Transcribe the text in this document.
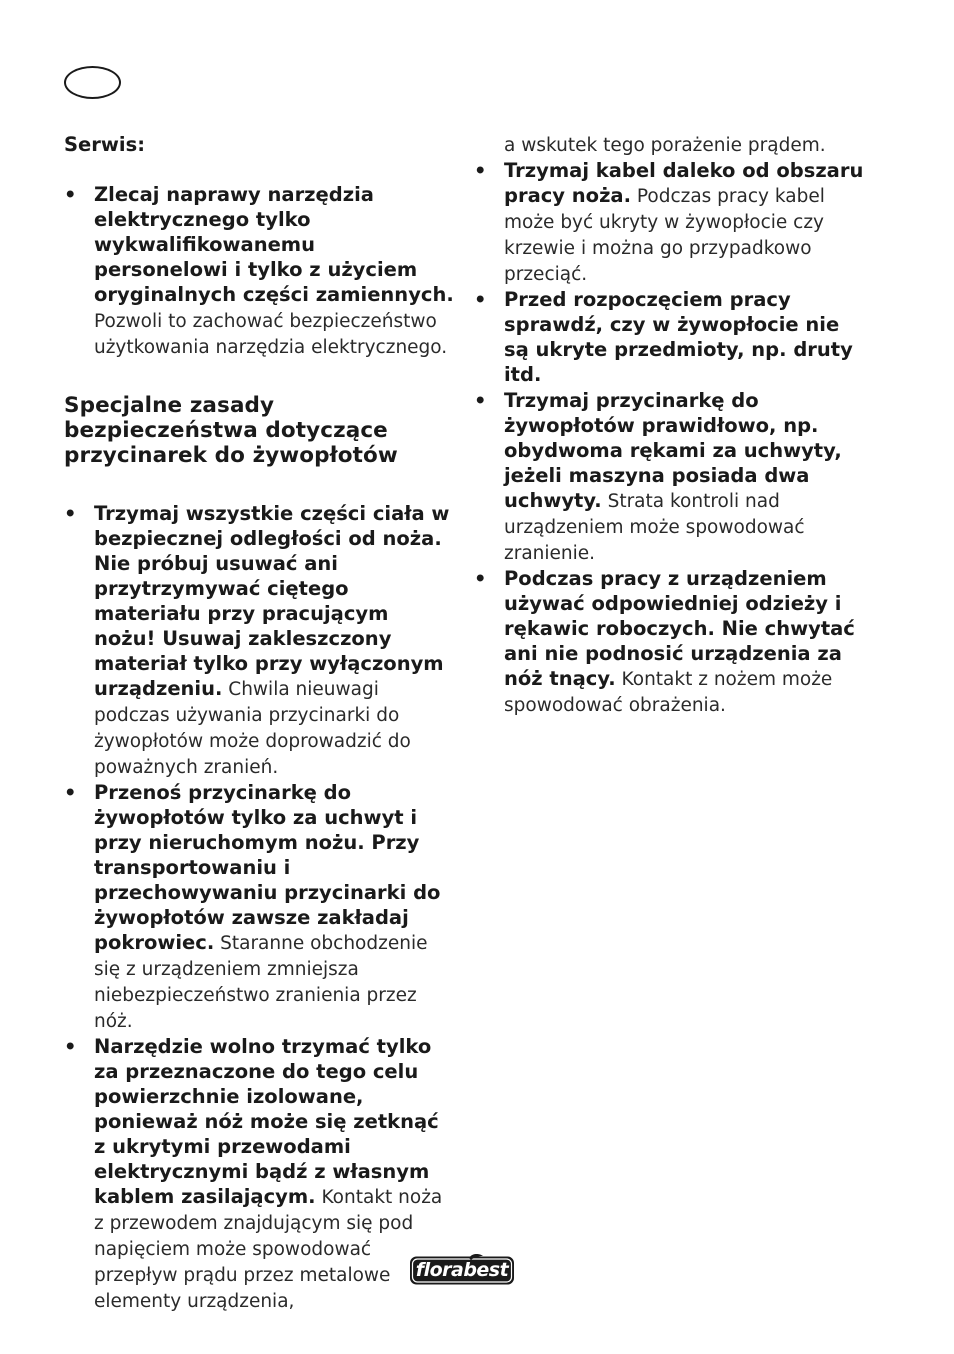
Serwis:

• Zlecaj naprawy narzędzia elektrycznego tylko wykwalifikowanemu personelowi i tylko z użyciem oryginalnych części zamiennych. Pozwoli to zachować bezpieczeństwo użytkowania narzędzia elektrycznego.

Specjalne zasady bezpieczeństwa dotyczące przycinarek do żywopłotów

• Trzymaj wszystkie części ciała w bezpiecznej odległości od noża. Nie próbuj usuwać ani przytrzymywać ciętego materiału przy pracującym nożu! Usuwaj zakleszczony materiał tylko przy wyłączonym urządzeniu. Chwila nieuwagi podczas używania przycinarki do żywopłotów może doprowadzić do poważnych zranień.
• Przenoś przycinarkę do żywopłotów tylko za uchwyt i przy nieruchomym nożu. Przy transportowaniu i przechowywaniu przycinarki do żywopłotów zawsze zakładaj pokrowiec. Staranne obchodzenie się z urządzeniem zmniejsza niebezpieczeństwo zranienia przez nóż.
• Narzędzie wolno trzymać tylko za przeznaczone do tego celu powierzchnie izolowane, ponieważ nóż może się zetknąć z ukrytymi przewodami elektrycznymi bądź z własnym kablem zasilającym. Kontakt noża z przewodem znajdującym się pod napięciem może spowodować przepływ prądu przez metalowe elementy urządzenia,

a wskutek tego porażenie prądem.

• Trzymaj kabel daleko od obszaru pracy noża. Podczas pracy kabel może być ukryty w żywopłocie czy krzewie i można go przypadkowo przeciąć.
• Przed rozpoczęciem pracy sprawdź, czy w żywopłocie nie są ukryte przedmioty, np. druty itd.
• Trzymaj przycinarkę do żywopłotów prawidłowo, np. obydwoma rękami za uchwyty, jeżeli maszyna posiada dwa uchwyty. Strata kontroli nad urządzeniem może spowodować zranienie.
• Podczas pracy z urządzeniem używać odpowiedniej odzieży i rękawic roboczych. Nie chwytać ani nie podnosić urządzenia za nóż tnący. Kontakt z nożem może spowodować obrażenia.
florabest
